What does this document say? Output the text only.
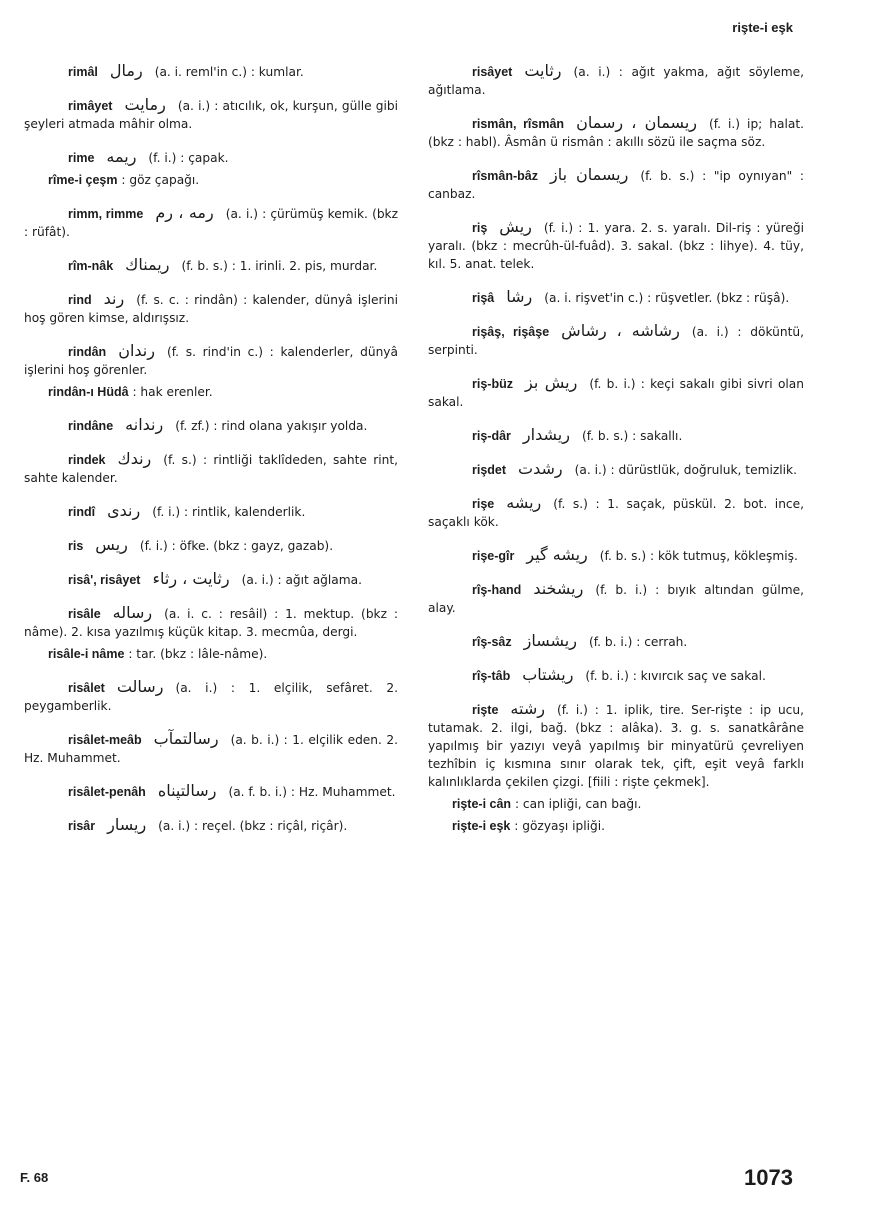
rişte-i eşk

rimâl رمال (a. i. reml'in c.) : kumlar.

rimâyet رمايت (a. i.) : atıcılık, ok, kurşun, gülle gibi şeyleri atmada mâhir olma.

rime ريمه (f. i.) : çapak.

rîme-i çeşm : göz çapağı.

rimm, rimme رمه ، رم (a. i.) : çürümüş kemik. (bkz : rüfât).

rîm-nâk ريمناك (f. b. s.) : 1. irinli. 2. pis, murdar.

rind رند (f. s. c. : rindân) : kalender, dünyâ işlerini hoş gören kimse, aldırışsız.

rindân رندان (f. s. rind'in c.) : kalenderler, dünyâ işlerini hoş görenler.

rindân-ı Hüdâ : hak erenler.

rindâne رندانه (f. zf.) : rind olana yakışır yolda.

rindek رندك (f. s.) : rintliği taklîdeden, sahte rint, sahte kalender.

rindî رندى (f. i.) : rintlik, kalenderlik.

ris ريس (f. i.) : öfke. (bkz : gayz, gazab).

risâ', risâyet رثايت ، رثاء (a. i.) : ağıt ağlama.

risâle رساله (a. i. c. : resâil) : 1. mektup. (bkz : nâme). 2. kısa yazılmış küçük kitap. 3. mecmûa, dergi.

risâle-i nâme : tar. (bkz : lâle-nâme).

risâlet رسالت (a. i.) : 1. elçilik, sefâret. 2. peygamberlik.

risâlet-meâb رسالتمآب (a. b. i.) : 1. elçilik eden. 2. Hz. Muhammet.

risâlet-penâh رسالتپناه (a. f. b. i.) : Hz. Muhammet.

risâr ريسار (a. i.) : reçel. (bkz : riçâl, riçâr).

risâyet رثايت (a. i.) : ağıt yakma, ağıt söyleme, ağıtlama.

rismân, rîsmân ريسمان ، رسمان (f. i.) ip; halat. (bkz : habl). Âsmân ü rismân : akıllı sözü ile saçma söz.

rîsmân-bâz ريسمان باز (f. b. s.) : "ip oynıyan" : canbaz.

riş ريش (f. i.) : 1. yara. 2. s. yaralı. Dil-riş : yüreği yaralı. (bkz : mecrûh-ül-fuâd). 3. sakal. (bkz : lihye). 4. tüy, kıl. 5. anat. telek.

rişâ رشا (a. i. rişvet'in c.) : rüşvetler. (bkz : rüşâ).

rişâş, rişâşe رشاشه ، رشاش (a. i.) : döküntü, serpinti.

riş-büz ريش بز (f. b. i.) : keçi sakalı gibi sivri olan sakal.

riş-dâr ريشدار (f. b. s.) : sakallı.

rişdet رشدت (a. i.) : dürüstlük, doğruluk, temizlik.

rişe ريشه (f. s.) : 1. saçak, püskül. 2. bot. ince, saçaklı kök.

rişe-gîr ريشه گير (f. b. s.) : kök tutmuş, kökleşmiş.

rîş-hand ريشخند (f. b. i.) : bıyık altından gülme, alay.

rîş-sâz ريشساز (f. b. i.) : cerrah.

rîş-tâb ريشتاب (f. b. i.) : kıvırcık saç ve sakal.

rişte رشته (f. i.) : 1. iplik, tire. Ser-rişte : ip ucu, tutamak. 2. ilgi, bağ. (bkz : alâka). 3. g. s. sanatkârâne yapılmış bir yazıyı veyâ yapılmış bir minyatürü çevreliyen tezhîbin iç kısmına sınır olarak tek, çift, eşit veyâ farklı kalınlıklarda çekilen çizgi. [fiili : rişte çekmek].

rişte-i cân : can ipliği, can bağı.

rişte-i eşk : gözyaşı ipliği.

F. 68	1073
